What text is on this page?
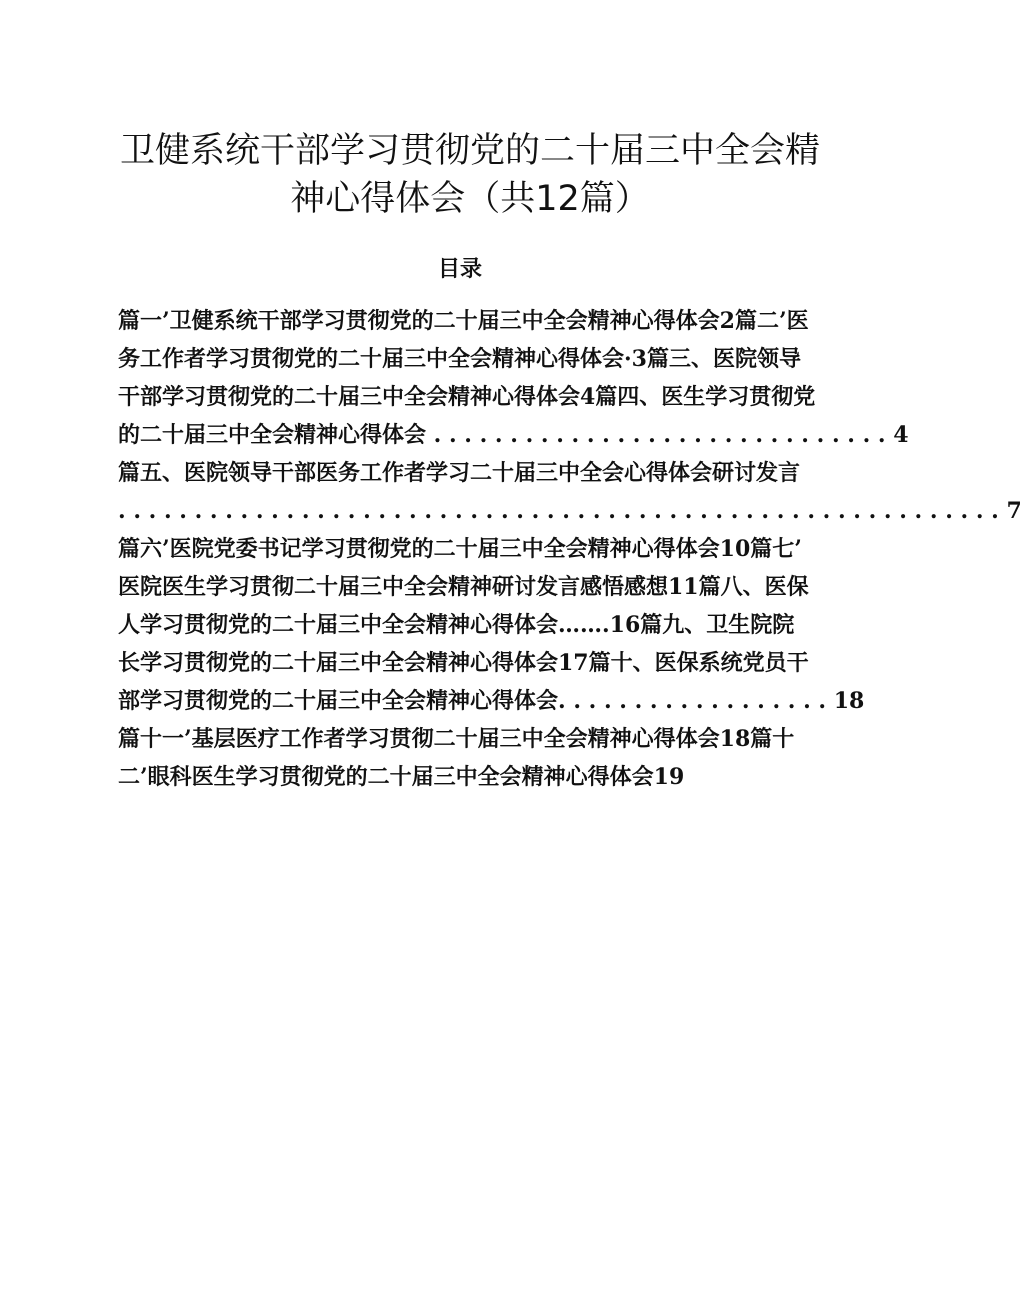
卫健系统干部学习贯彻党的二十届三中全会精
神心得体会（共12篇）
目录
篇一’卫健系统干部学习贯彻党的二十届三中全会精神心得体会2篇二’医
务工作者学习贯彻党的二十届三中全会精神心得体会·3篇三、医院领导
干部学习贯彻党的二十届三中全会精神心得体会4篇四、医生学习贯彻党
的二十届三中全会精神心得体会 . . . . . . . . . . . . . . . . . . . . . . . . . . . . . . 4
篇五、医院领导干部医务工作者学习二十届三中全会心得体会研讨发言
. . . . . . . . . . . . . . . . . . . . . . . . . . . . . . . . . . . . . . . . . . . . . . . . . . . . . . . . . . 7
篇六’医院党委书记学习贯彻党的二十届三中全会精神心得体会10篇七’
医院医生学习贯彻二十届三中全会精神研讨发言感悟感想11篇八、医保
人学习贯彻党的二十届三中全会精神心得体会…….16篇九、卫生院院
长学习贯彻党的二十届三中全会精神心得体会17篇十、医保系统党员干
部学习贯彻党的二十届三中全会精神心得体会. . . . . . . . . . . . . . . . . . 18
篇十一’基层医疗工作者学习贯彻二十届三中全会精神心得体会18篇十
二’眼科医生学习贯彻党的二十届三中全会精神心得体会19
